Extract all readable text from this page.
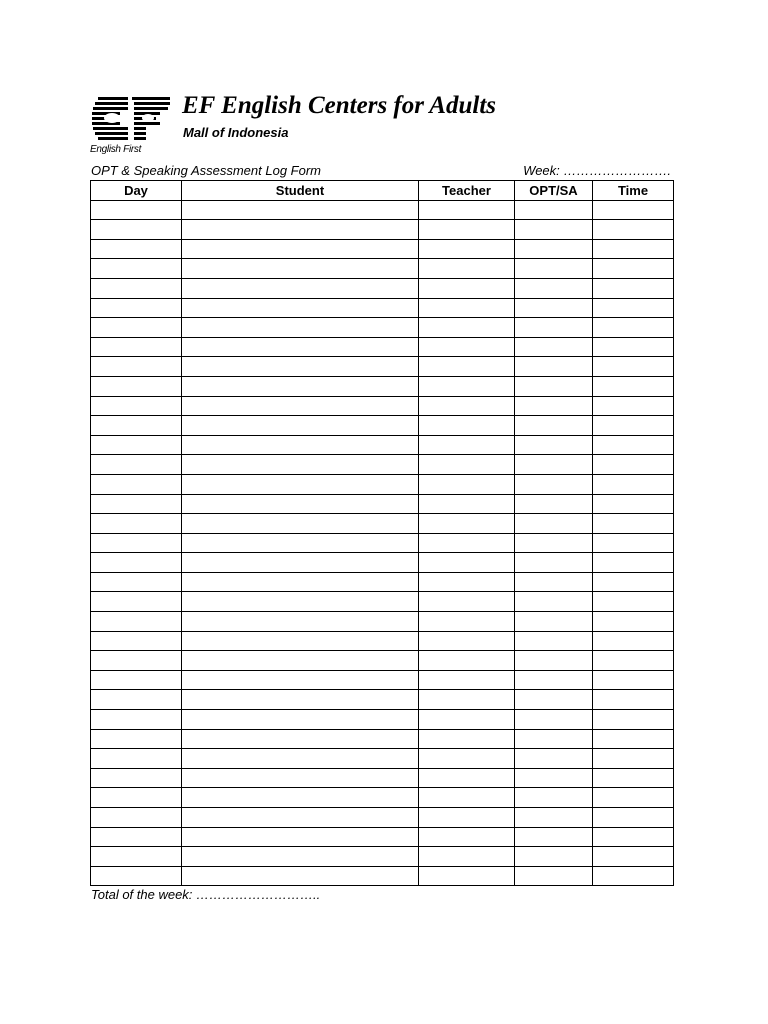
English First
EF English Centers for Adults
Mall of Indonesia
OPT & Speaking Assessment Log Form	Week: …………………….
Day	Student	Teacher	OPT/SA	Time

Total of the week: ………………………..
